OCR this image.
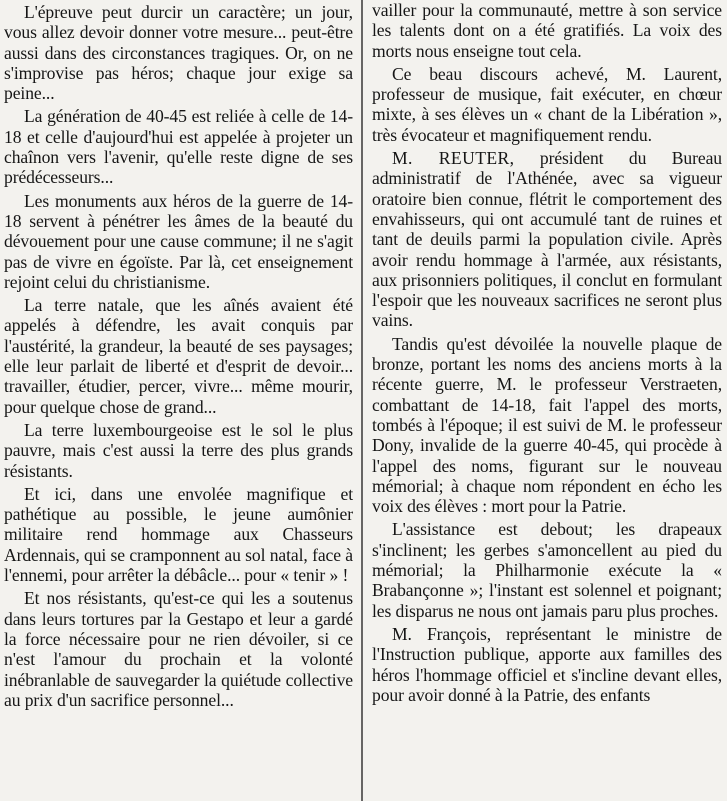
L'épreuve peut durcir un caractère; un jour, vous allez devoir donner votre mesure... peut-être aussi dans des circonstances tragiques. Or, on ne s'improvise pas héros; chaque jour exige sa peine...

La génération de 40-45 est reliée à celle de 14-18 et celle d'aujourd'hui est appelée à projeter un chaînon vers l'avenir, qu'elle reste digne de ses prédécesseurs...

Les monuments aux héros de la guerre de 14-18 servent à pénétrer les âmes de la beauté du dévouement pour une cause commune; il ne s'agit pas de vivre en égoïste. Par là, cet enseignement rejoint celui du christianisme.

La terre natale, que les aînés avaient été appelés à défendre, les avait conquis par l'austérité, la grandeur, la beauté de ses paysages; elle leur parlait de liberté et d'esprit de devoir... travailler, étudier, percer, vivre... même mourir, pour quelque chose de grand...

La terre luxembourgeoise est le sol le plus pauvre, mais c'est aussi la terre des plus grands résistants.

Et ici, dans une envolée magnifique et pathétique au possible, le jeune aumônier militaire rend hommage aux Chasseurs Ardennais, qui se cramponnent au sol natal, face à l'ennemi, pour arrêter la débâcle... pour « tenir » !

Et nos résistants, qu'est-ce qui les a soutenus dans leurs tortures par la Gestapo et leur a gardé la force nécessaire pour ne rien dévoiler, si ce n'est l'amour du prochain et la volonté inébranlable de sauvegarder la quiétude collective au prix d'un sacrifice personnel...

vailler pour la communauté, mettre à son service les talents dont on a été gratifiés. La voix des morts nous enseigne tout cela.

Ce beau discours achevé, M. Laurent, professeur de musique, fait exécuter, en chœur mixte, à ses élèves un « chant de la Libération », très évocateur et magnifiquement rendu.

M. REUTER, président du Bureau administratif de l'Athénée, avec sa vigueur oratoire bien connue, flétrit le comportement des envahisseurs, qui ont accumulé tant de ruines et tant de deuils parmi la population civile. Après avoir rendu hommage à l'armée, aux résistants, aux prisonniers politiques, il conclut en formulant l'espoir que les nouveaux sacrifices ne seront plus vains.

Tandis qu'est dévoilée la nouvelle plaque de bronze, portant les noms des anciens morts à la récente guerre, M. le professeur Verstraeten, combattant de 14-18, fait l'appel des morts, tombés à l'époque; il est suivi de M. le professeur Dony, invalide de la guerre 40-45, qui procède à l'appel des noms, figurant sur le nouveau mémorial; à chaque nom répondent en écho les voix des élèves : mort pour la Patrie.

L'assistance est debout; les drapeaux s'inclinent; les gerbes s'amoncellent au pied du mémorial; la Philharmonie exécute la « Brabançonne »; l'instant est solennel et poignant; les disparus ne nous ont jamais paru plus proches.

M. François, représentant le ministre de l'Instruction publique, apporte aux familles des héros l'hommage officiel et s'incline devant elles, pour avoir donné à la Patrie, des enfants
